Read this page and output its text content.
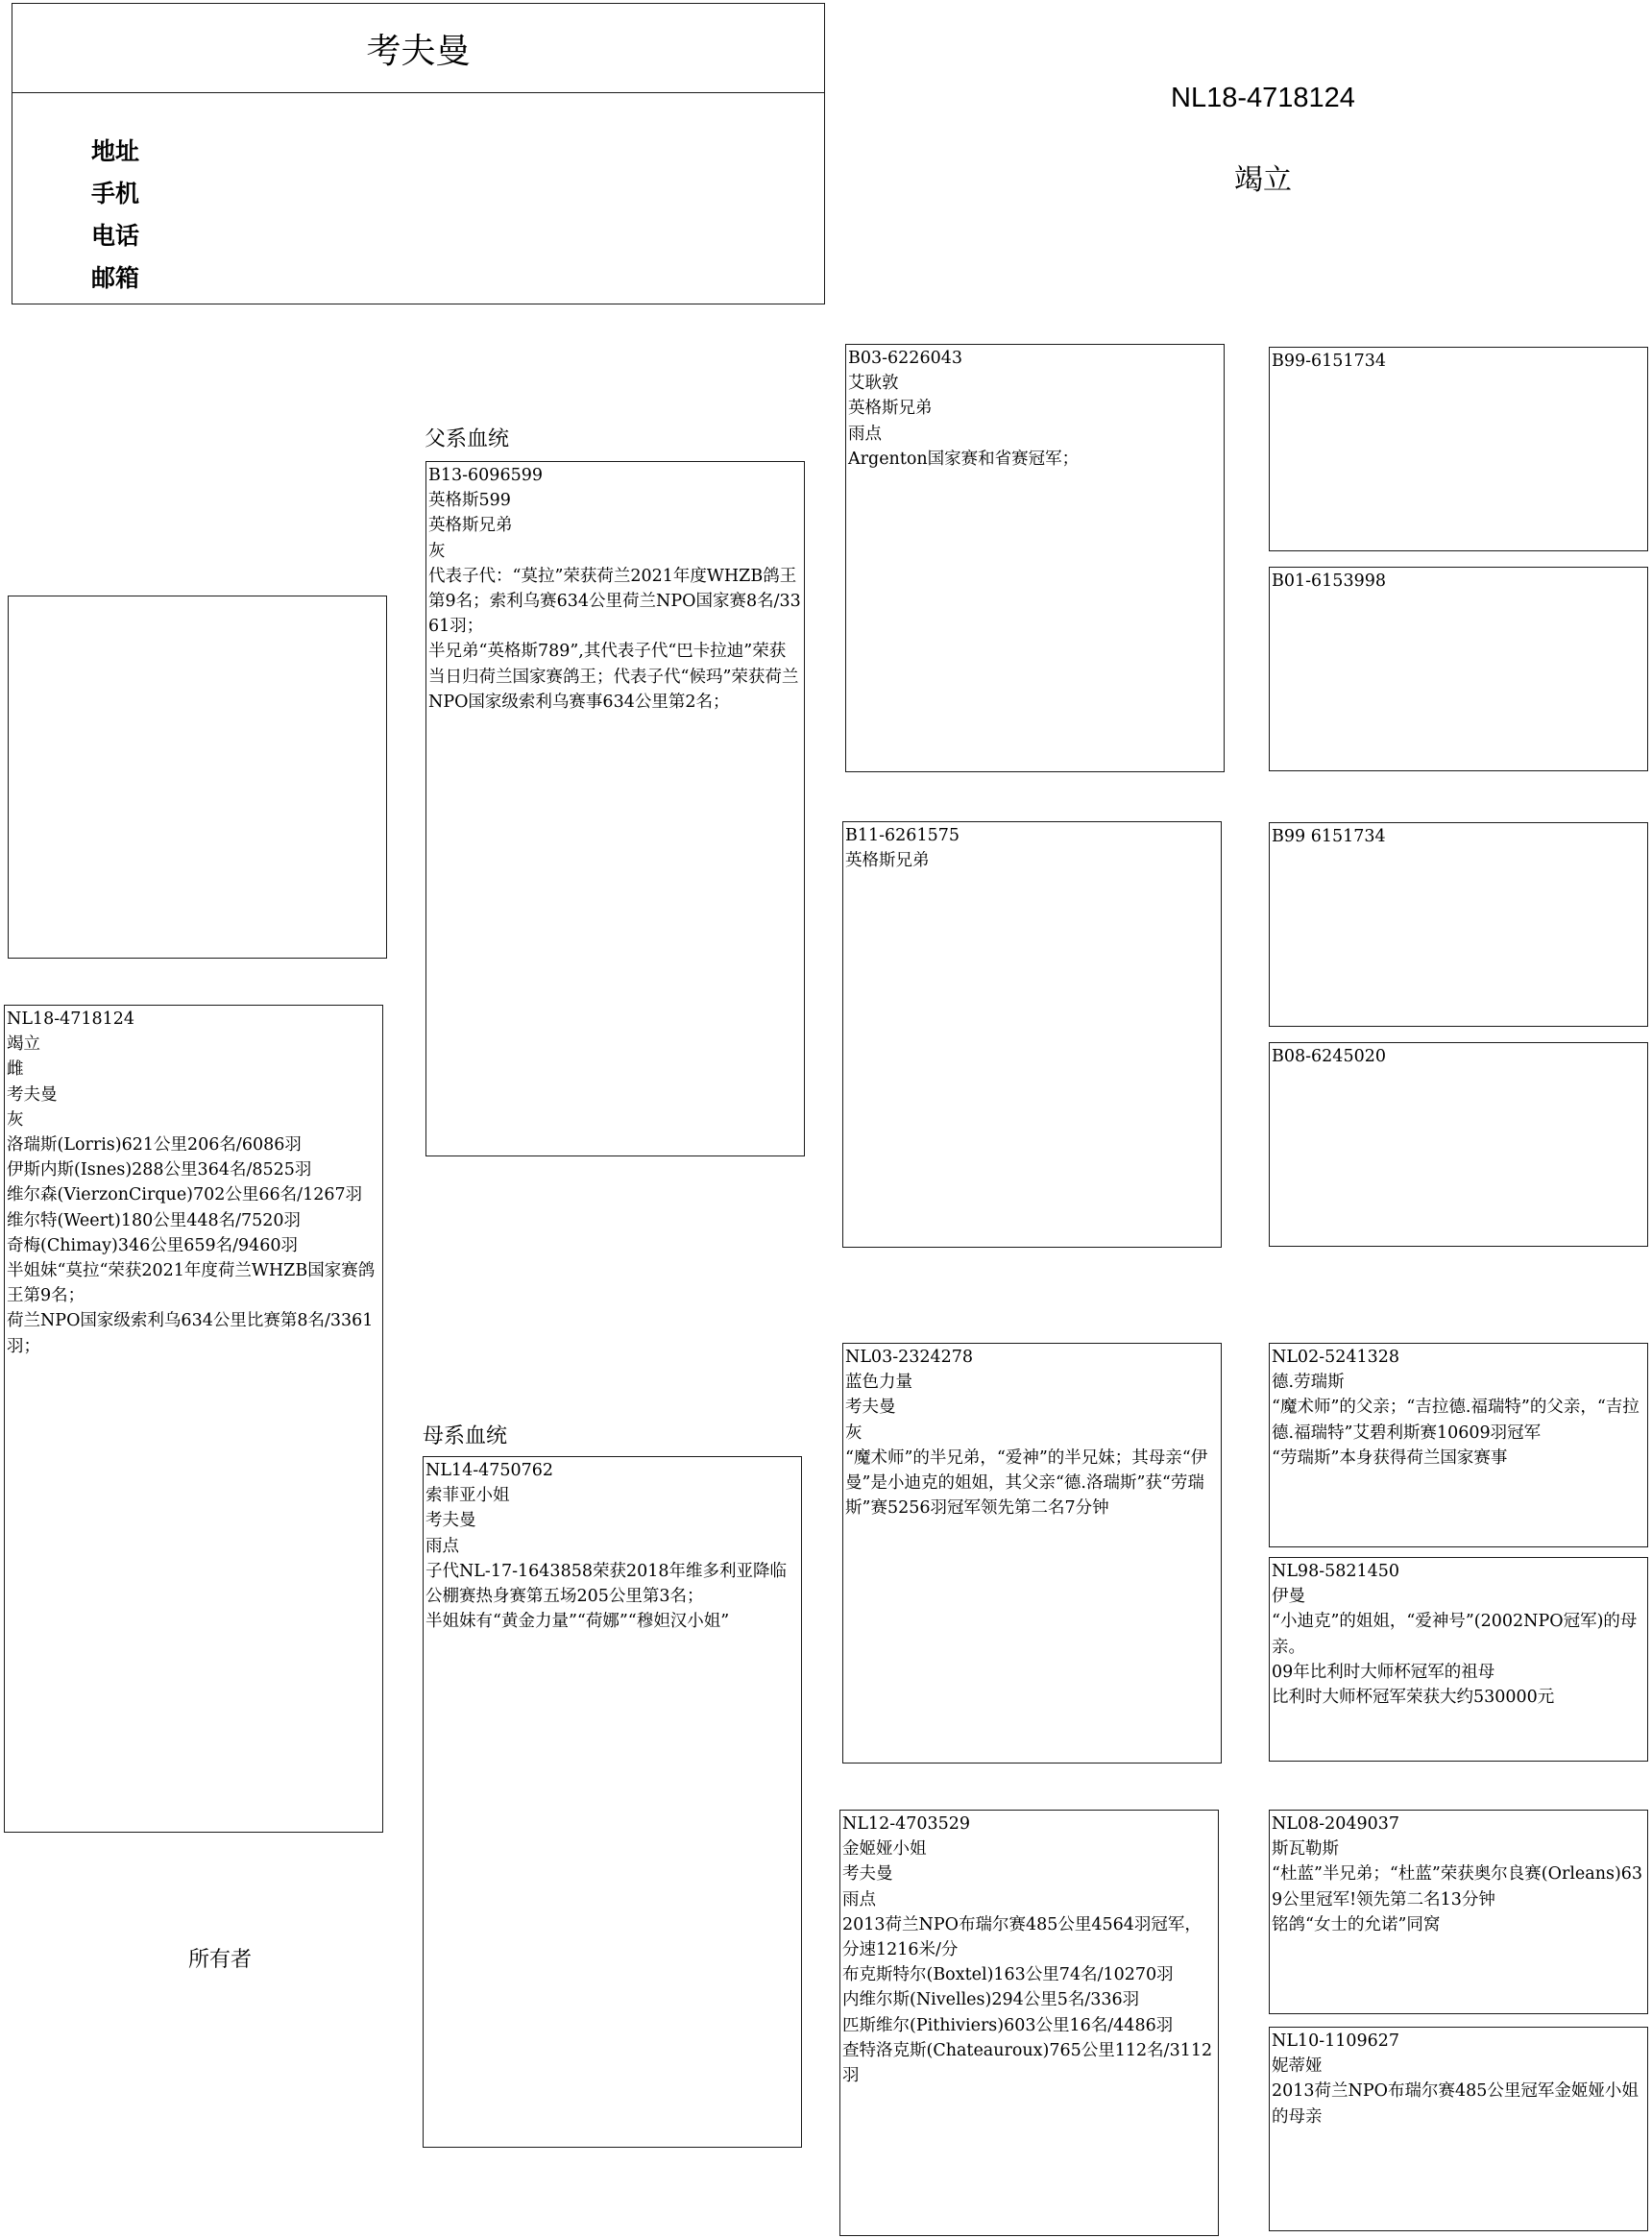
考夫曼
地址
手机
电话
邮箱
NL18-4718124
竭立
NL18-4718124
竭立
雌
考夫曼
灰
洛瑞斯(Lorris)621公里206名/6086羽
伊斯内斯(Isnes)288公里364名/8525羽
维尔森(VierzonCirque)702公里66名/1267羽
维尔特(Weert)180公里448名/7520羽
奇梅(Chimay)346公里659名/9460羽
半姐妹“莫拉“荣获2021年度荷兰WHZB国家赛鸽王第9名；
荷兰NPO国家级索利乌634公里比赛第8名/3361羽；
所有者
父系血统
B13-6096599
英格斯599
英格斯兄弟
灰
代表子代：“莫拉”荣获荷兰2021年度WHZB鸽王第9名；索利乌赛634公里荷兰NPO国家赛8名/3361羽；
半兄弟“英格斯789”,其代表子代“巴卡拉迪”荣获当日归荷兰国家赛鸽王；代表子代“候玛”荣获荷兰NPO国家级索利乌赛事634公里第2名；
母系血统
NL14-4750762
索菲亚小姐
考夫曼
雨点
子代NL-17-1643858荣获2018年维多利亚降临公棚赛热身赛第五场205公里第3名；
半姐妹有“黄金力量”“荷娜”“穆妲汉小姐”
B03-6226043
艾耿敦
英格斯兄弟
雨点
Argenton国家赛和省赛冠军；
B11-6261575
英格斯兄弟
NL03-2324278
蓝色力量
考夫曼
灰
“魔术师”的半兄弟，“爱神”的半兄妹；其母亲“伊曼”是小迪克的姐姐，其父亲“德.洛瑞斯”获“劳瑞斯”赛5256羽冠军领先第二名7分钟
NL12-4703529
金姬娅小姐
考夫曼
雨点
2013荷兰NPO布瑞尔赛485公里4564羽冠军，分速1216米/分
布克斯特尔(Boxtel)163公里74名/10270羽
内维尔斯(Nivelles)294公里5名/336羽
匹斯维尔(Pithiviers)603公里16名/4486羽
查特洛克斯(Chateauroux)765公里112名/3112羽
B99-6151734
B01-6153998
B99 6151734
B08-6245020
NL02-5241328
德.劳瑞斯
“魔术师”的父亲；“吉拉德.福瑞特”的父亲，“吉拉德.福瑞特”艾碧利斯赛10609羽冠军
“劳瑞斯”本身获得荷兰国家赛事
NL98-5821450
伊曼
“小迪克”的姐姐，“爱神号”(2002NPO冠军)的母亲。
09年比利时大师杯冠军的祖母
比利时大师杯冠军荣获大约530000元
NL08-2049037
斯瓦勒斯
“杜蓝”半兄弟；“杜蓝”荣获奥尔良赛(Orleans)639公里冠军!领先第二名13分钟
铭鸽“女士的允诺”同窝
NL10-1109627
妮蒂娅
2013荷兰NPO布瑞尔赛485公里冠军金姬娅小姐的母亲
